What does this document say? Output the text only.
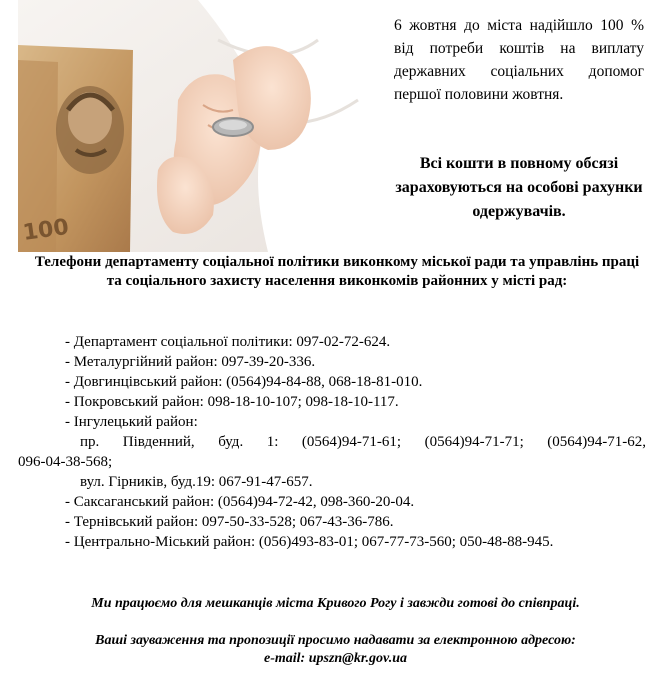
100
6 жовтня до міста надійшло 100 % від потреби коштів на виплату державних соціальних допомог першої половини жовтня.
Всі кошти в повному обсязі зараховуються на особові рахунки одержувачів.
Телефони департаменту соціальної політики виконкому міської ради та управлінь праці та соціального захисту населення виконкомів районних у місті рад:
- Департамент соціальної політики: 097-02-72-624.
- Металургійний район: 097-39-20-336.
- Довгинцівський район: (0564)94-84-88, 068-18-81-010.
- Покровський район: 098-18-10-107; 098-18-10-117.
- Інгулецький район:
пр. Південний, буд. 1: (0564)94-71-61; (0564)94-71-71; (0564)94-71-62,
096-04-38-568;
вул. Гірників, буд.19: 067-91-47-657.
- Саксаганський район: (0564)94-72-42, 098-360-20-04.
- Тернівський район: 097-50-33-528; 067-43-36-786.
- Центрально-Міський район: (056)493-83-01; 067-77-73-560; 050-48-88-945.
Ми працюємо для мешканців міста Кривого Рогу і завжди готові до співпраці.
Ваші зауваження та пропозиції просимо надавати за електронною адресою:
e-mail: upszn@kr.gov.ua
